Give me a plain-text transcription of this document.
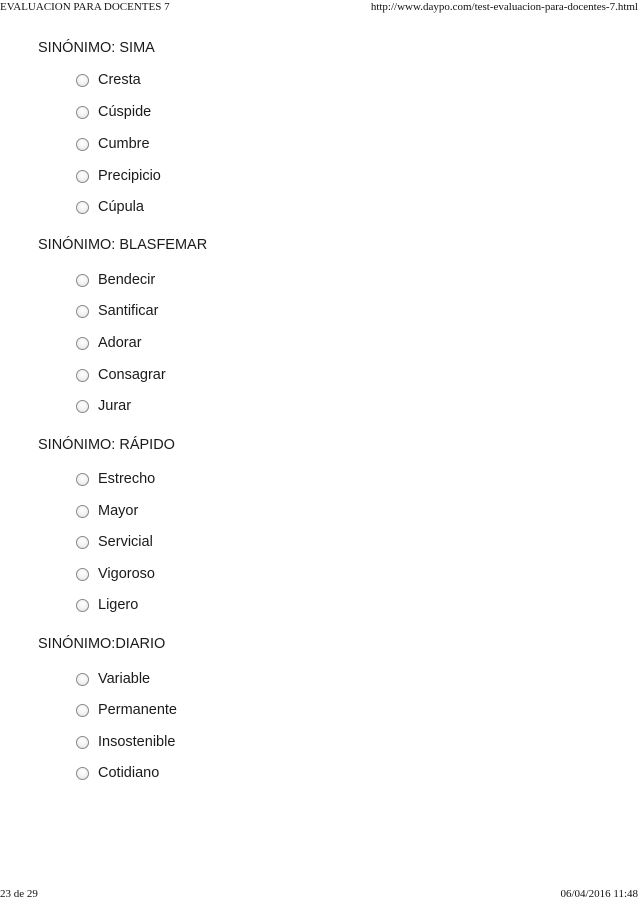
EVALUACION PARA DOCENTES 7	http://www.daypo.com/test-evaluacion-para-docentes-7.html
SINÓNIMO: SIMA
Cresta
Cúspide
Cumbre
Precipicio
Cúpula
SINÓNIMO: BLASFEMAR
Bendecir
Santificar
Adorar
Consagrar
Jurar
SINÓNIMO: RÁPIDO
Estrecho
Mayor
Servicial
Vigoroso
Ligero
SINÓNIMO:DIARIO
Variable
Permanente
Insostenible
Cotidiano
23 de 29	06/04/2016 11:48
